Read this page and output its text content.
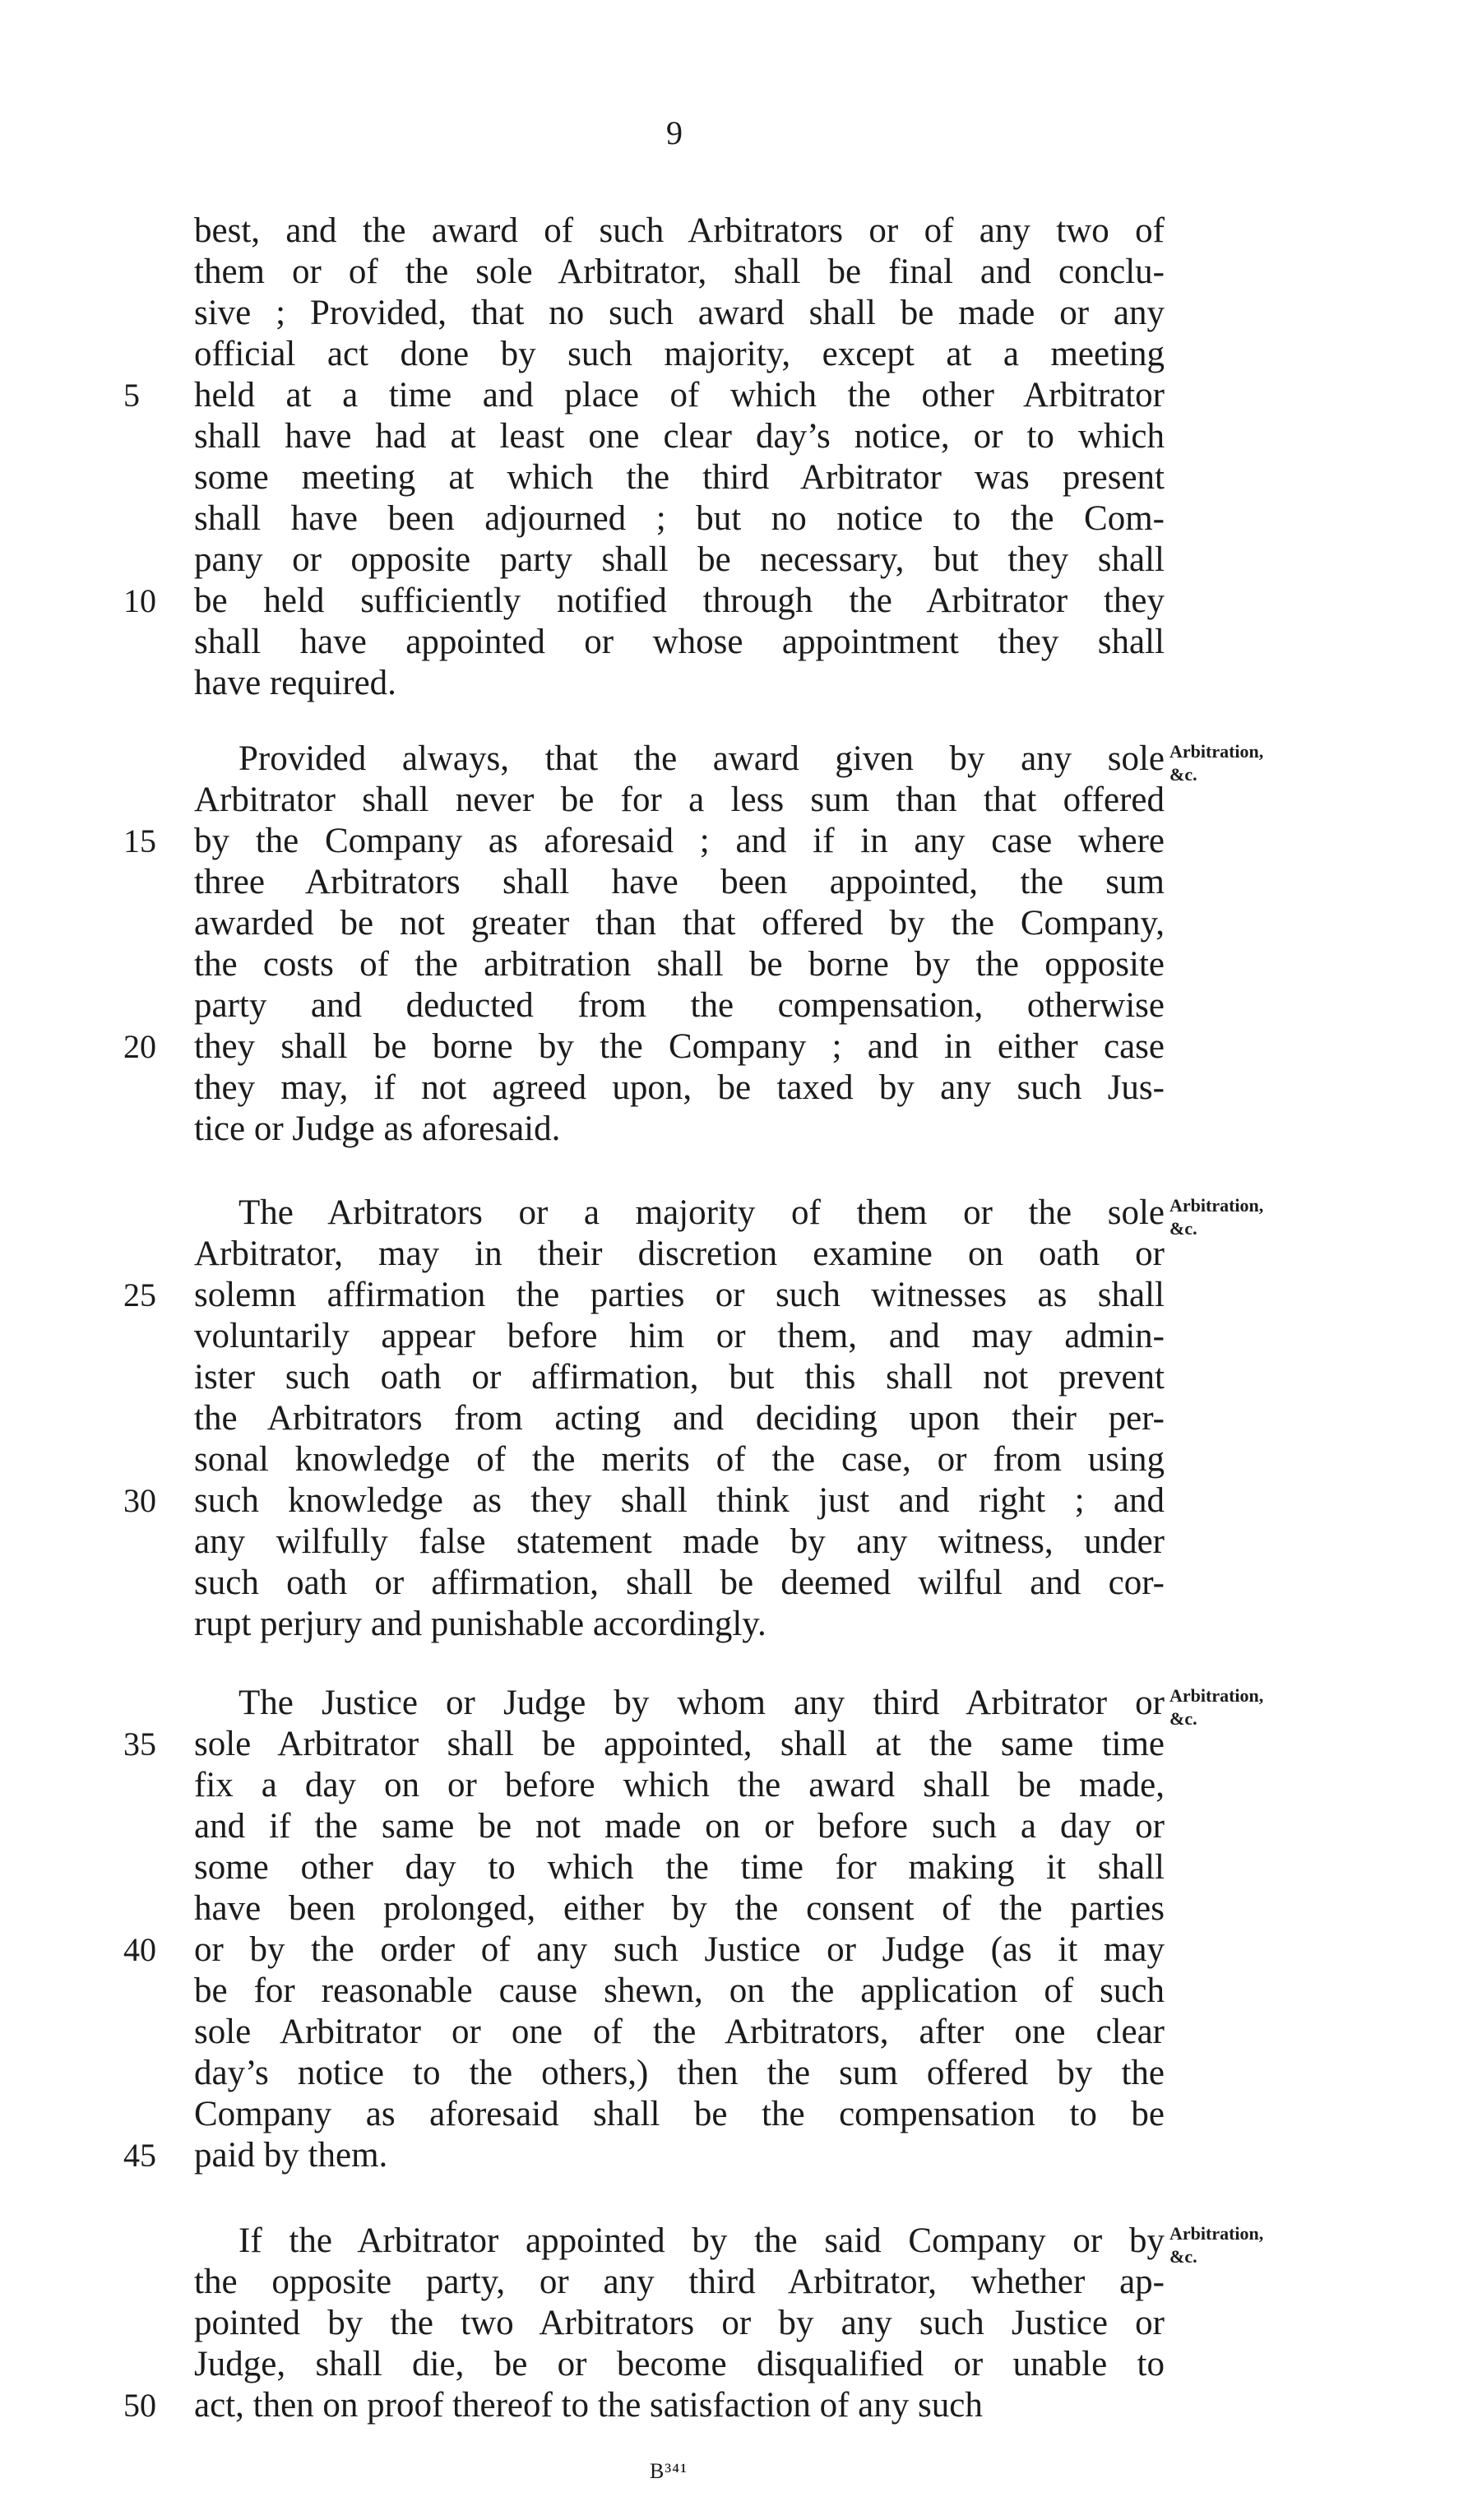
9
best, and the award of such Arbitrators or of any two of
them or of the sole Arbitrator, shall be final and conclu-
sive ; Provided, that no such award shall be made or any
official act done by such majority, except at a meeting
held at a time and place of which the other Arbitrator
5
shall have had at least one clear day’s notice, or to which
some meeting at which the third Arbitrator was present
shall have been adjourned ; but no notice to the Com-
pany or opposite party shall be necessary, but they shall
be held sufficiently notified through the Arbitrator they
10
shall have appointed or whose appointment they shall
have required.
Provided always, that the award given by any sole
Arbitrator shall never be for a less sum than that offered
by the Company as aforesaid ; and if in any case where
15
three Arbitrators shall have been appointed, the sum
awarded be not greater than that offered by the Company,
the costs of the arbitration shall be borne by the opposite
party and deducted from the compensation, otherwise
they shall be borne by the Company ; and in either case
20
they may, if not agreed upon, be taxed by any such Jus-
tice or Judge as aforesaid.
Arbitration,
&c.
The Arbitrators or a majority of them or the sole
Arbitrator, may in their discretion examine on oath or
solemn affirmation the parties or such witnesses as shall
25
voluntarily appear before him or them, and may admin-
ister such oath or affirmation, but this shall not prevent
the Arbitrators from acting and deciding upon their per-
sonal knowledge of the merits of the case, or from using
such knowledge as they shall think just and right ; and
30
any wilfully false statement made by any witness, under
such oath or affirmation, shall be deemed wilful and cor-
rupt perjury and punishable accordingly.
Arbitration,
&c.
The Justice or Judge by whom any third Arbitrator or
sole Arbitrator shall be appointed, shall at the same time
35
fix a day on or before which the award shall be made,
and if the same be not made on or before such a day or
some other day to which the time for making it shall
have been prolonged, either by the consent of the parties
or by the order of any such Justice or Judge (as it may
40
be for reasonable cause shewn, on the application of such
sole Arbitrator or one of the Arbitrators, after one clear
day’s notice to the others,) then the sum offered by the
Company as aforesaid shall be the compensation to be
paid by them.
45
Arbitration,
&c.
If the Arbitrator appointed by the said Company or by
the opposite party, or any third Arbitrator, whether ap-
pointed by the two Arbitrators or by any such Justice or
Judge, shall die, be or become disqualified or unable to
act, then on proof thereof to the satisfaction of any such
50
Arbitration,
&c.
B³⁴¹
